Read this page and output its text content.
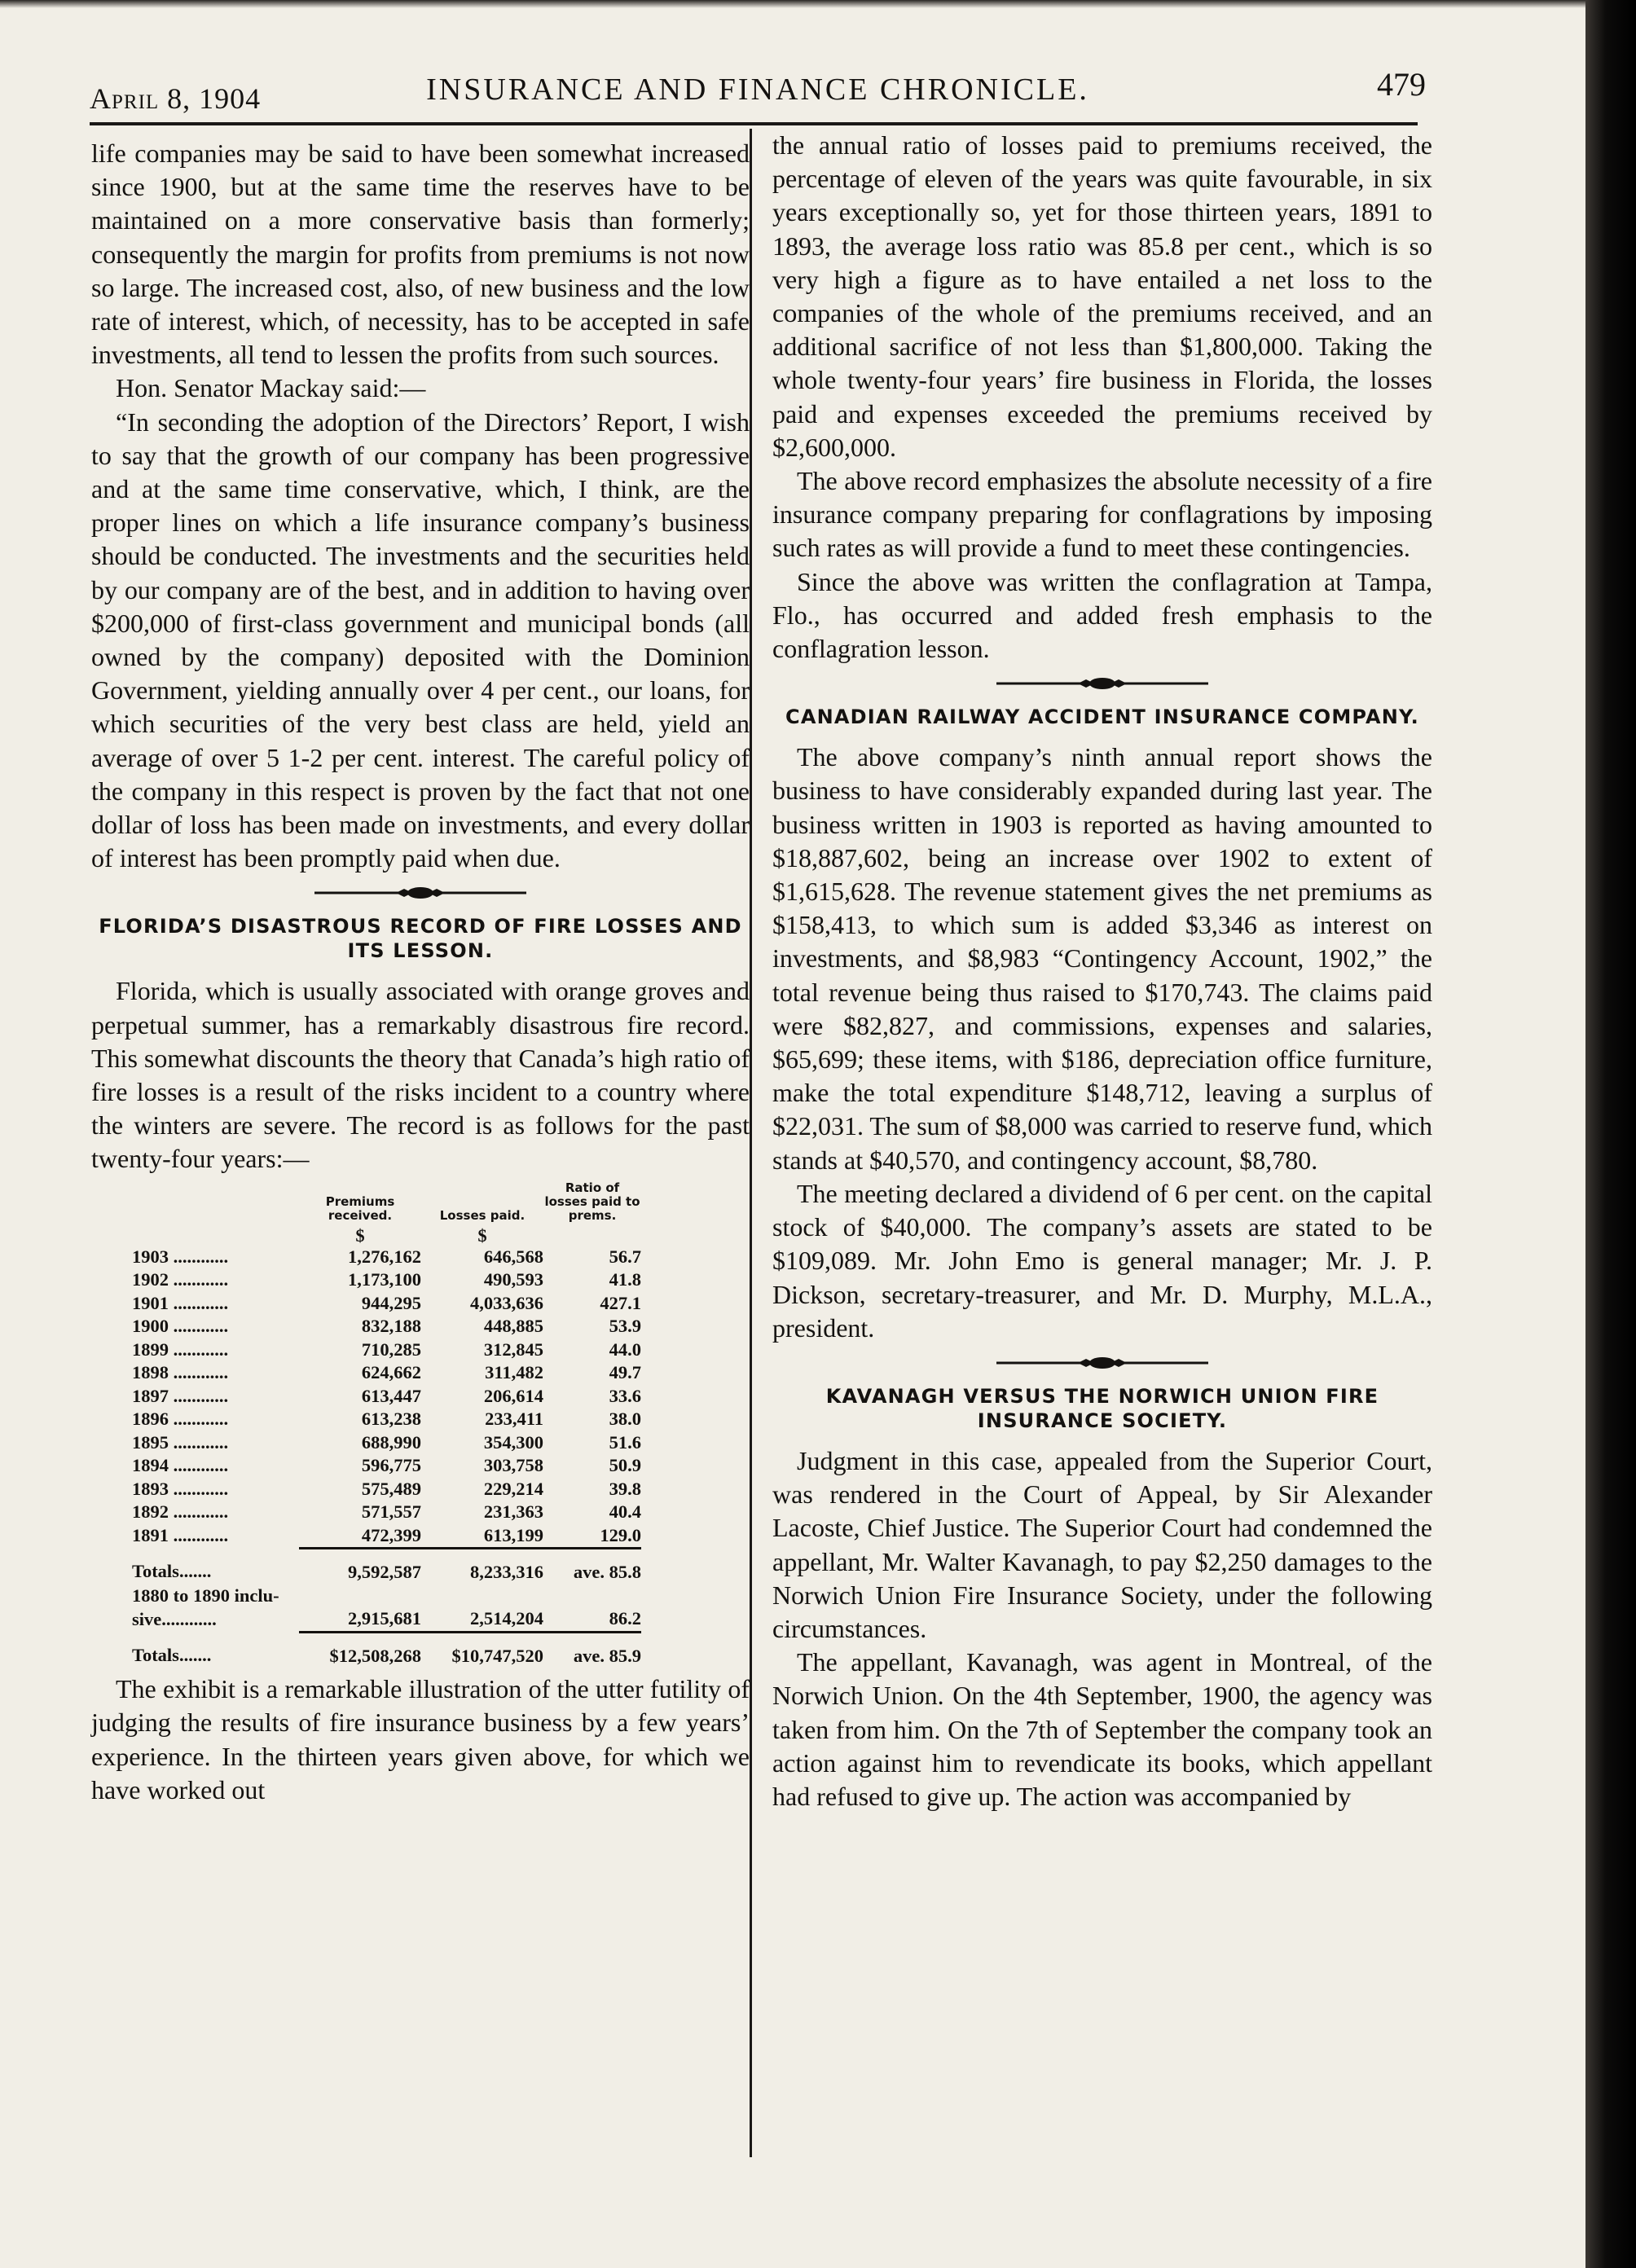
April 8, 1904	INSURANCE AND FINANCE CHRONICLE.	479

life companies may be said to have been somewhat increased since 1900, but at the same time the reserves have to be maintained on a more conservative basis than formerly; consequently the margin for profits from premiums is not now so large. The increased cost, also, of new business and the low rate of interest, which, of necessity, has to be accepted in safe investments, all tend to lessen the profits from such sources.

Hon. Senator Mackay said:—

“In seconding the adoption of the Directors’ Report, I wish to say that the growth of our company has been progressive and at the same time conservative, which, I think, are the proper lines on which a life insurance company’s business should be conducted. The investments and the securities held by our company are of the best, and in addition to having over $200,000 of first-class government and municipal bonds (all owned by the company) deposited with the Dominion Government, yielding annually over 4 per cent., our loans, for which securities of the very best class are held, yield an average of over 5 1-2 per cent. interest. The careful policy of the company in this respect is proven by the fact that not one dollar of loss has been made on investments, and every dollar of interest has been promptly paid when due.

FLORIDA’S DISASTROUS RECORD OF FIRE LOSSES AND ITS LESSON.

Florida, which is usually associated with orange groves and perpetual summer, has a remarkably disastrous fire record. This somewhat discounts the theory that Canada’s high ratio of fire losses is a result of the risks incident to a country where the winters are severe. The record is as follows for the past twenty-four years:—

	Premiums received.	Losses paid.	Ratio of losses paid to prems.
	$	$	
1903 ............	1,276,162	646,568	56.7
1902 ............	1,173,100	490,593	41.8
1901 ............	944,295	4,033,636	427.1
1900 ............	832,188	448,885	53.9
1899 ............	710,285	312,845	44.0
1898 ............	624,662	311,482	49.7
1897 ............	613,447	206,614	33.6
1896 ............	613,238	233,411	38.0
1895 ............	688,990	354,300	51.6
1894 ............	596,775	303,758	50.9
1893 ............	575,489	229,214	39.8
1892 ............	571,557	231,363	40.4
1891 ............	472,399	613,199	129.0
Totals.......	9,592,587	8,233,316	ave. 85.8
1880 to 1890 inclu-			
sive............	2,915,681	2,514,204	86.2
Totals.......	$12,508,268	$10,747,520	ave. 85.9

The exhibit is a remarkable illustration of the utter futility of judging the results of fire insurance business by a few years’ experience. In the thirteen years given above, for which we have worked out

the annual ratio of losses paid to premiums received, the percentage of eleven of the years was quite favourable, in six years exceptionally so, yet for those thirteen years, 1891 to 1893, the average loss ratio was 85.8 per cent., which is so very high a figure as to have entailed a net loss to the companies of the whole of the premiums received, and an additional sacrifice of not less than $1,800,000. Taking the whole twenty-four years’ fire business in Florida, the losses paid and expenses exceeded the premiums received by $2,600,000.

The above record emphasizes the absolute necessity of a fire insurance company preparing for conflagrations by imposing such rates as will provide a fund to meet these contingencies.

Since the above was written the conflagration at Tampa, Flo., has occurred and added fresh emphasis to the conflagration lesson.

CANADIAN RAILWAY ACCIDENT INSURANCE COMPANY.

The above company’s ninth annual report shows the business to have considerably expanded during last year. The business written in 1903 is reported as having amounted to $18,887,602, being an increase over 1902 to extent of $1,615,628. The revenue statement gives the net premiums as $158,413, to which sum is added $3,346 as interest on investments, and $8,983 “Contingency Account, 1902,” the total revenue being thus raised to $170,743. The claims paid were $82,827, and commissions, expenses and salaries, $65,699; these items, with $186, depreciation office furniture, make the total expenditure $148,712, leaving a surplus of $22,031. The sum of $8,000 was carried to reserve fund, which stands at $40,570, and contingency account, $8,780.

The meeting declared a dividend of 6 per cent. on the capital stock of $40,000. The company’s assets are stated to be $109,089. Mr. John Emo is general manager; Mr. J. P. Dickson, secretary-treasurer, and Mr. D. Murphy, M.L.A., president.

KAVANAGH VERSUS THE NORWICH UNION FIRE INSURANCE SOCIETY.

Judgment in this case, appealed from the Superior Court, was rendered in the Court of Appeal, by Sir Alexander Lacoste, Chief Justice. The Superior Court had condemned the appellant, Mr. Walter Kavanagh, to pay $2,250 damages to the Norwich Union Fire Insurance Society, under the following circumstances.

The appellant, Kavanagh, was agent in Montreal, of the Norwich Union. On the 4th September, 1900, the agency was taken from him. On the 7th of September the company took an action against him to revendicate its books, which appellant had refused to give up. The action was accompanied by
